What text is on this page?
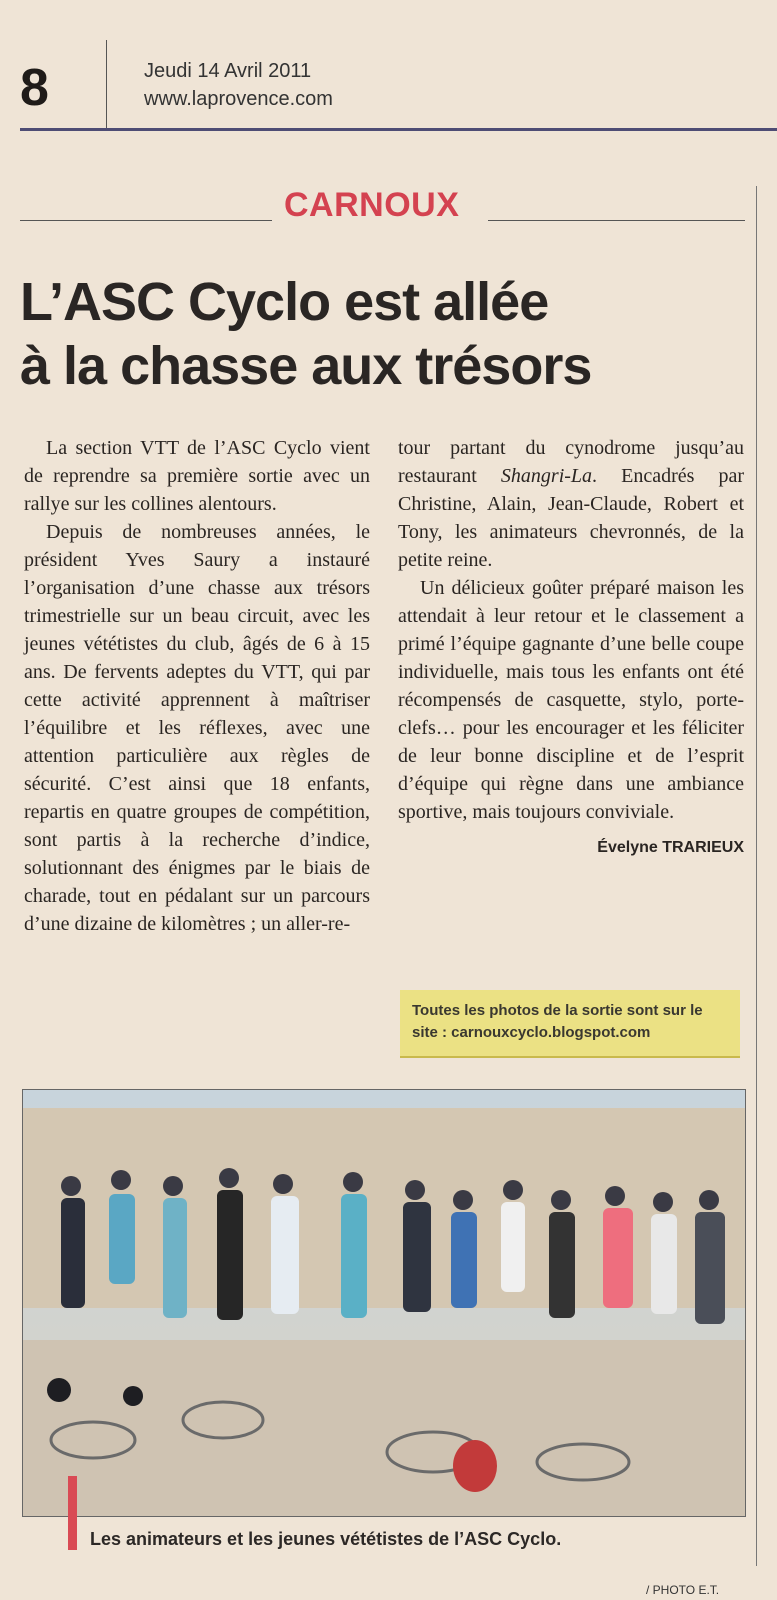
8	Jeudi 14 Avril 2011
www.laprovence.com
CARNOUX
L’ASC Cyclo est allée
à la chasse aux trésors

La section VTT de l’ASC Cyclo vient de reprendre sa première sortie avec un rallye sur les collines alentours.

Depuis de nombreuses années, le président Yves Saury a instauré l’organisation d’une chasse aux trésors trimestrielle sur un beau circuit, avec les jeunes vététistes du club, âgés de 6 à 15 ans. De fervents adeptes du VTT, qui par cette activité apprennent à maîtriser l’équilibre et les réflexes, avec une attention particulière aux règles de sécurité. C’est ainsi que 18 enfants, repartis en quatre groupes de compétition, sont partis à la recherche d’indice, solutionnant des énigmes par le biais de charade, tout en pédalant sur un parcours d’une dizaine de kilomètres ; un aller-re-

tour partant du cynodrome jusqu’au restaurant Shangri-La. Encadrés par Christine, Alain, Jean-Claude, Robert et Tony, les animateurs chevronnés, de la petite reine.

Un délicieux goûter préparé maison les attendait à leur retour et le classement a primé l’équipe gagnante d’une belle coupe individuelle, mais tous les enfants ont été récompensés de casquette, stylo, porte-clefs… pour les encourager et les féliciter de leur bonne discipline et de l’esprit d’équipe qui règne dans une ambiance sportive, mais toujours conviviale.

Évelyne TRARIEUX
Toutes les photos de la sortie sont sur le
site : carnouxcyclo.blogspot.com
Les animateurs et les jeunes vététistes de l’ASC Cyclo.
/ PHOTO E.T.
